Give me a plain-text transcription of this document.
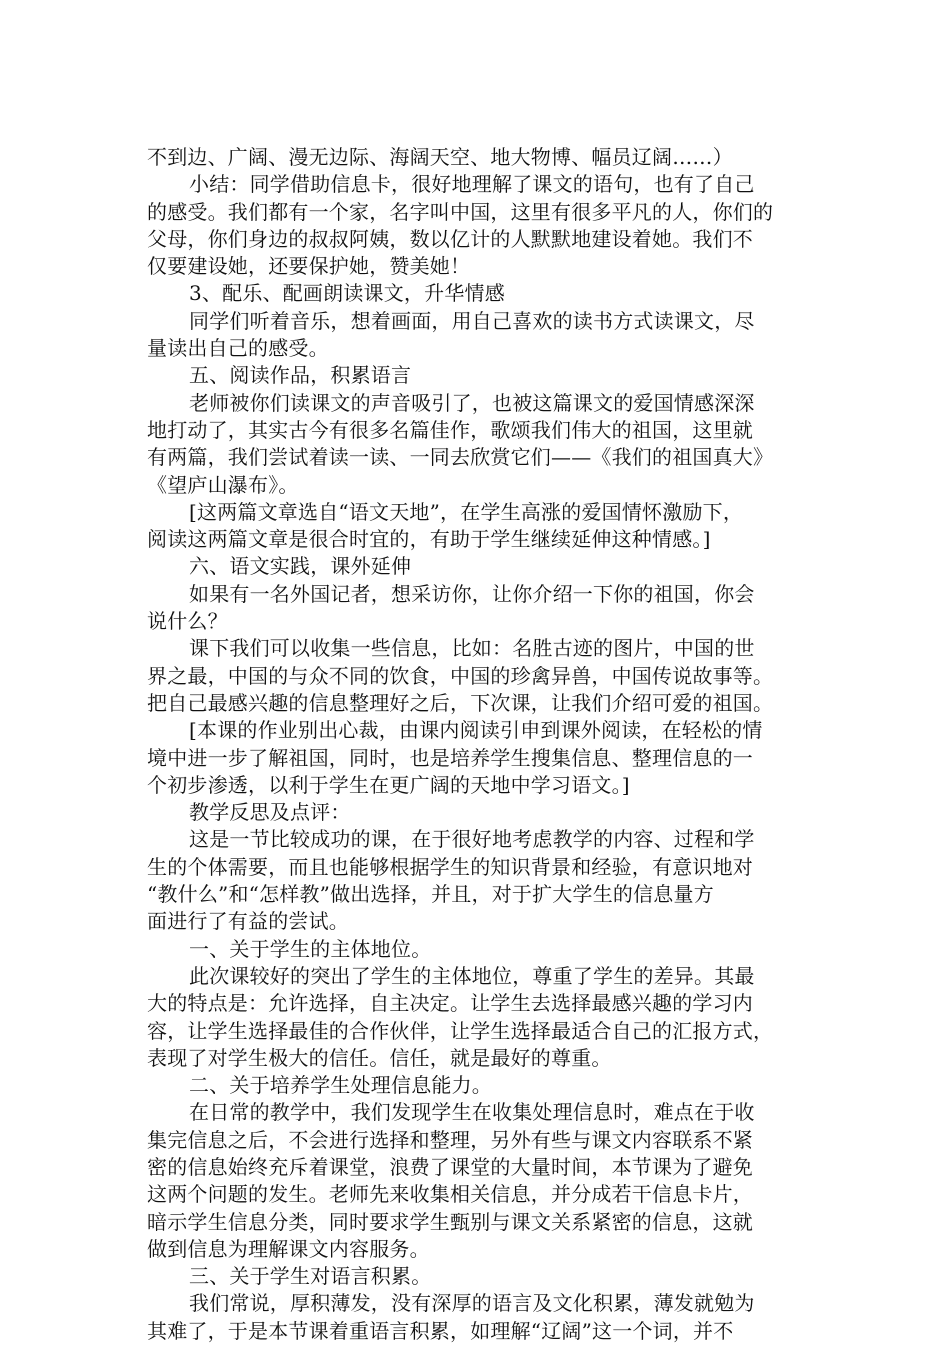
不到边、广阔、漫无边际、海阔天空、地大物博、幅员辽阔……）
小结：同学借助信息卡，很好地理解了课文的语句，也有了自己
的感受。我们都有一个家，名字叫中国，这里有很多平凡的人，你们的
父母，你们身边的叔叔阿姨，数以亿计的人默默地建设着她。我们不
仅要建设她，还要保护她，赞美她！
3、配乐、配画朗读课文，升华情感
同学们听着音乐，想着画面，用自己喜欢的读书方式读课文，尽
量读出自己的感受。
五、阅读作品，积累语言
老师被你们读课文的声音吸引了，也被这篇课文的爱国情感深深
地打动了，其实古今有很多名篇佳作，歌颂我们伟大的祖国，这里就
有两篇，我们尝试着读一读、一同去欣赏它们——《我们的祖国真大》
《望庐山瀑布》。
[这两篇文章选自“语文天地”，在学生高涨的爱国情怀激励下，
阅读这两篇文章是很合时宜的，有助于学生继续延伸这种情感。]
六、语文实践，课外延伸
如果有一名外国记者，想采访你，让你介绍一下你的祖国，你会
说什么？
课下我们可以收集一些信息，比如：名胜古迹的图片，中国的世
界之最，中国的与众不同的饮食，中国的珍禽异兽，中国传说故事等。
把自己最感兴趣的信息整理好之后，下次课，让我们介绍可爱的祖国。
[本课的作业别出心裁，由课内阅读引申到课外阅读，在轻松的情
境中进一步了解祖国，同时，也是培养学生搜集信息、整理信息的一
个初步渗透，以利于学生在更广阔的天地中学习语文。]
教学反思及点评：
这是一节比较成功的课，在于很好地考虑教学的内容、过程和学
生的个体需要，而且也能够根据学生的知识背景和经验，有意识地对
“教什么”和“怎样教”做出选择，并且，对于扩大学生的信息量方
面进行了有益的尝试。
一、关于学生的主体地位。
此次课较好的突出了学生的主体地位，尊重了学生的差异。其最
大的特点是：允许选择，自主决定。让学生去选择最感兴趣的学习内
容，让学生选择最佳的合作伙伴，让学生选择最适合自己的汇报方式，
表现了对学生极大的信任。信任，就是最好的尊重。
二、关于培养学生处理信息能力。
在日常的教学中，我们发现学生在收集处理信息时，难点在于收
集完信息之后，不会进行选择和整理，另外有些与课文内容联系不紧
密的信息始终充斥着课堂，浪费了课堂的大量时间，本节课为了避免
这两个问题的发生。老师先来收集相关信息，并分成若干信息卡片，
暗示学生信息分类，同时要求学生甄别与课文关系紧密的信息，这就
做到信息为理解课文内容服务。
三、关于学生对语言积累。
我们常说，厚积薄发，没有深厚的语言及文化积累，薄发就勉为
其难了，于是本节课着重语言积累，如理解“辽阔”这一个词，并不
